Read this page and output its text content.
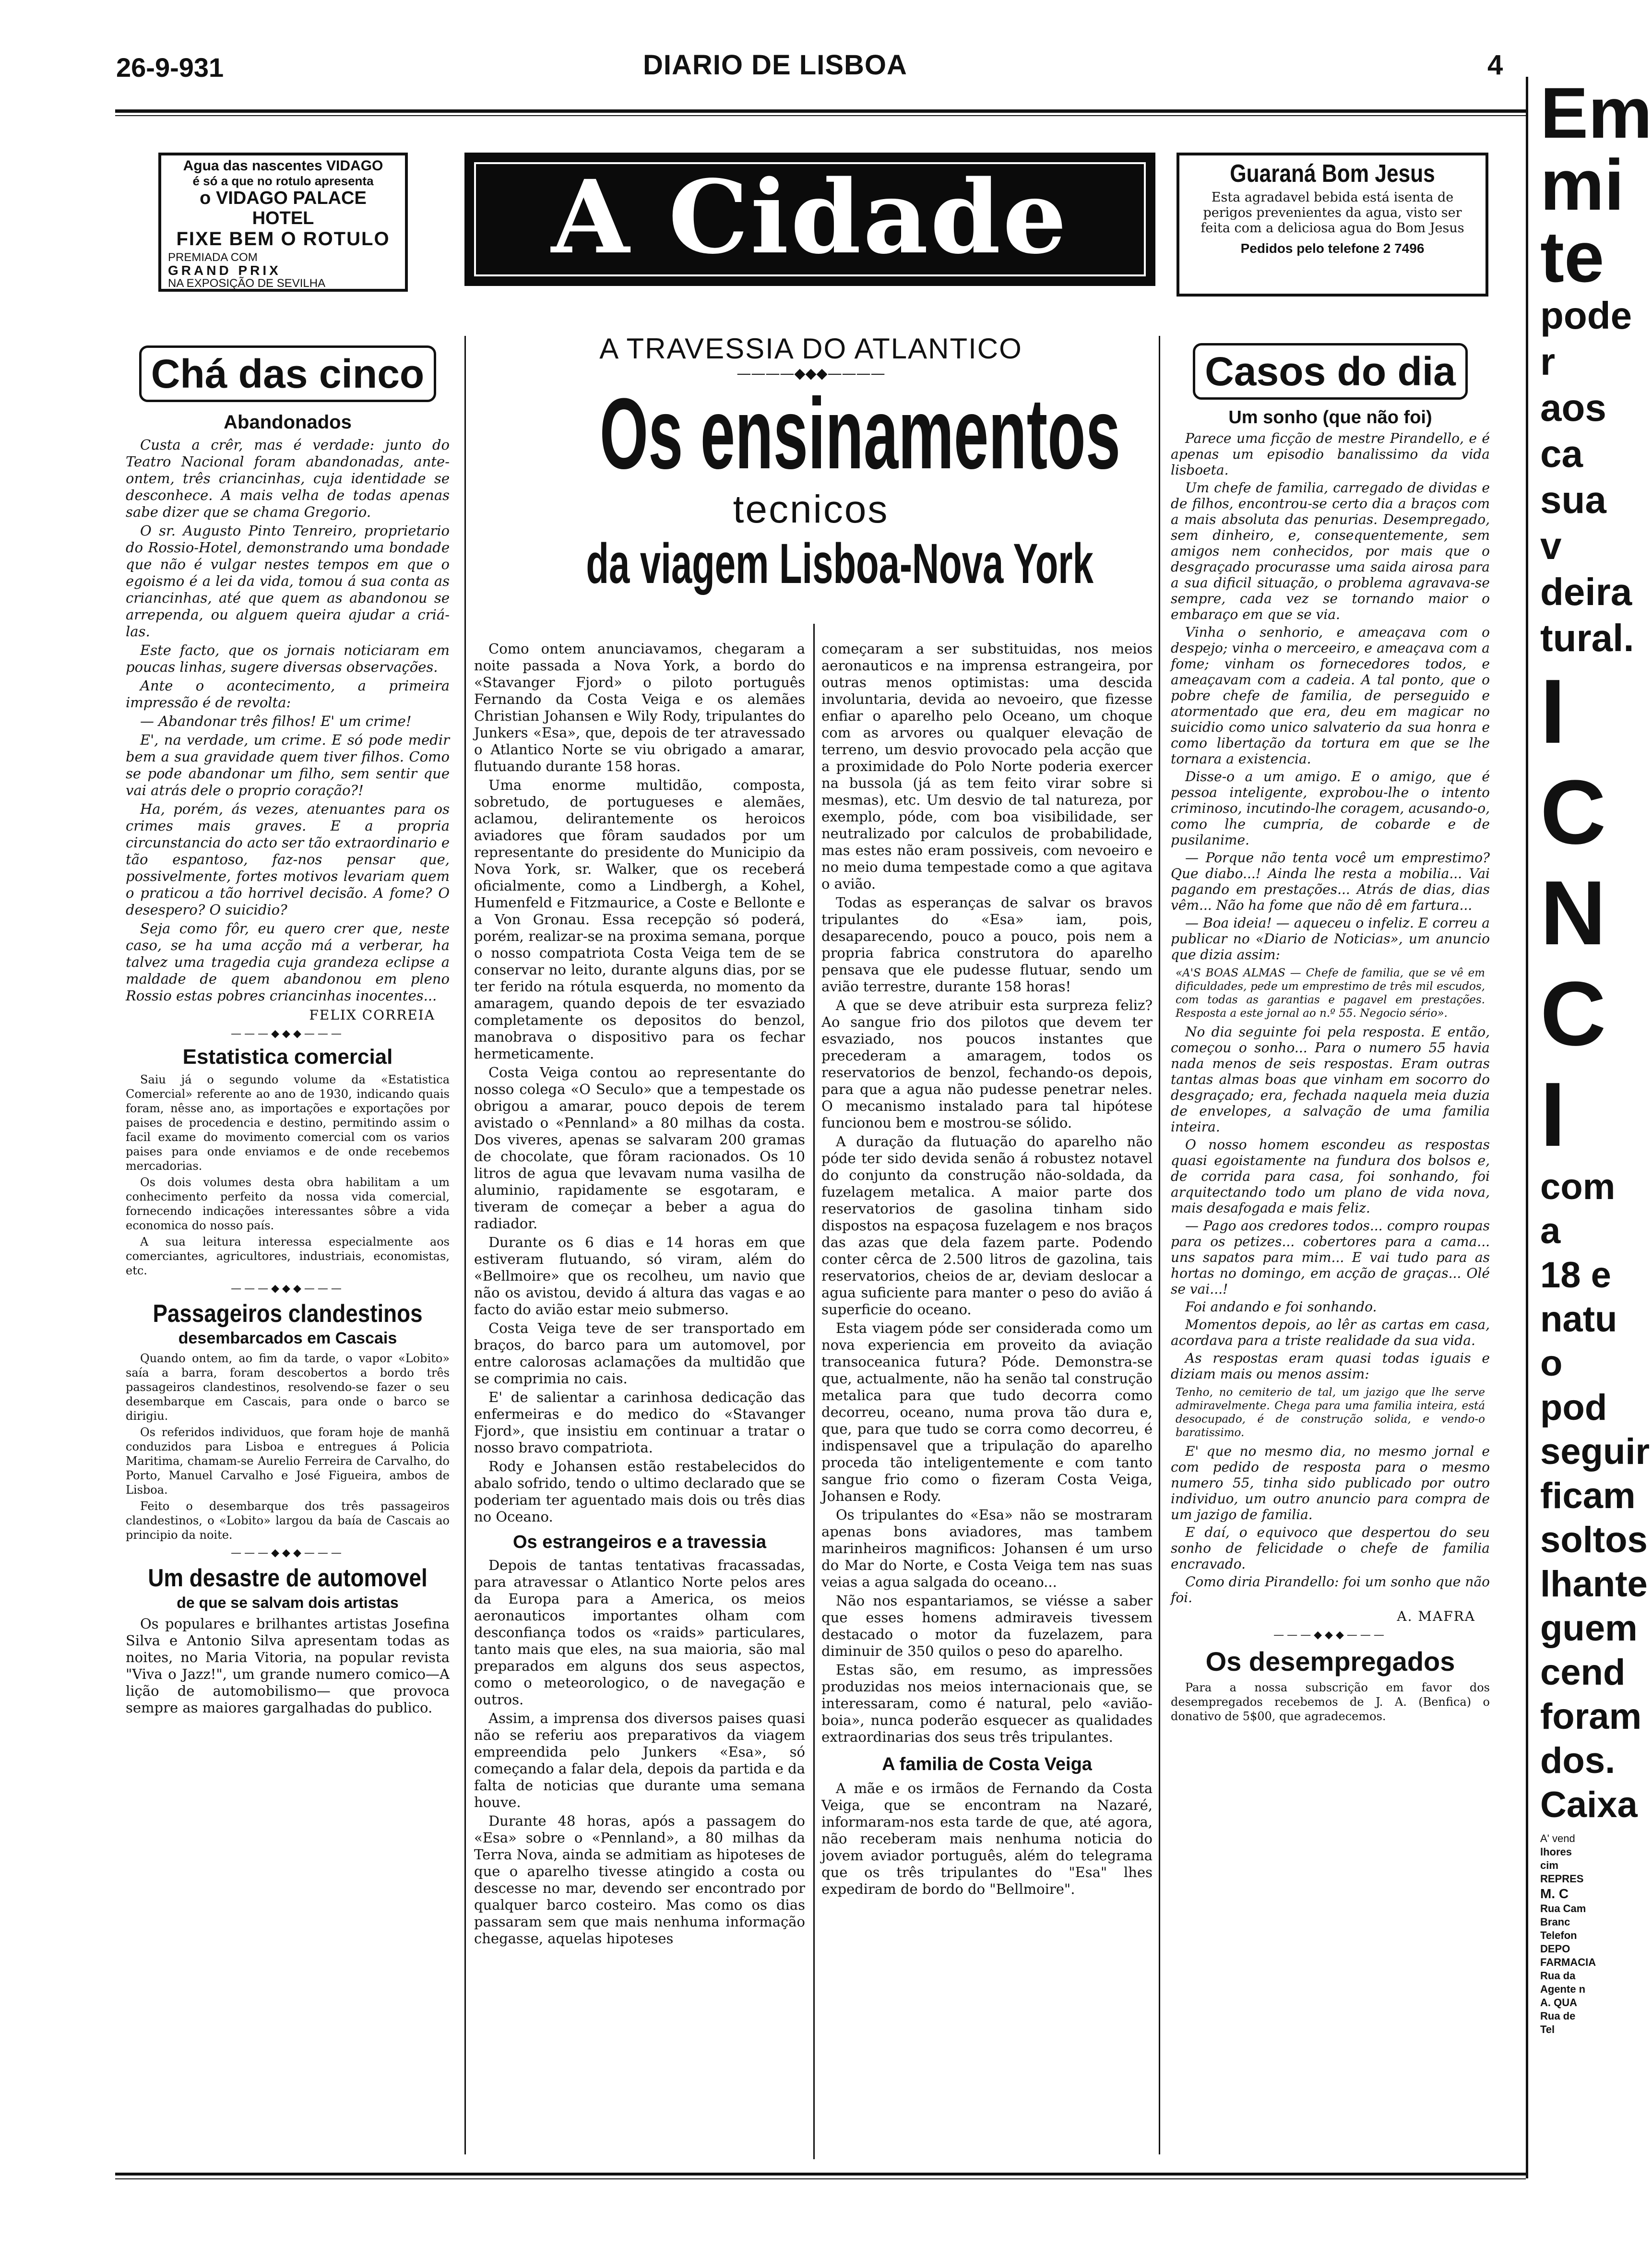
26-9-931	DIARIO DE LISBOA	4
Agua das nascentes VIDAGO
é só a que no rotulo apresenta
o VIDAGO PALACE HOTEL
FIXE BEM O ROTULO
PREMIADA COM
GRAND PRIX
NA EXPOSIÇÃO DE SEVILHA
A Cidade	Guaraná Bom Jesus
Esta agradavel bebida está isenta de perigos prevenientes da agua, visto ser feita com a deliciosa agua do Bom Jesus
Pedidos pelo telefone 2 7496
Chá das cinco
Abandonados

Custa a crêr, mas é verdade: junto do Teatro Nacional foram abandonadas, ante-ontem, três criancinhas, cuja identidade se desconhece. A mais velha de todas apenas sabe dizer que se chama Gregorio.

O sr. Augusto Pinto Tenreiro, proprietario do Rossio-Hotel, demonstrando uma bondade que não é vulgar nestes tempos em que o egoismo é a lei da vida, tomou á sua conta as criancinhas, até que quem as abandonou se arrependa, ou alguem queira ajudar a criá-las.

Este facto, que os jornais noticiaram em poucas linhas, sugere diversas observações.

Ante o acontecimento, a primeira impressão é de revolta:

— Abandonar três filhos! E' um crime!

E', na verdade, um crime. E só pode medir bem a sua gravidade quem tiver filhos. Como se pode abandonar um filho, sem sentir que vai atrás dele o proprio coração?!

Ha, porém, ás vezes, atenuantes para os crimes mais graves. E a propria circunstancia do acto ser tão extraordinario e tão espantoso, faz-nos pensar que, possivelmente, fortes motivos levariam quem o praticou a tão horrivel decisão. A fome? O desespero? O suicidio?

Seja como fôr, eu quero crer que, neste caso, se ha uma acção má a verberar, ha talvez uma tragedia cuja grandeza eclipse a maldade de quem abandonou em pleno Rossio estas pobres criancinhas inocentes...

FELIX CORREIA
———◆◆◆———
Estatistica comercial

Saiu já o segundo volume da «Estatistica Comercial» referente ao ano de 1930, indicando quais foram, nêsse ano, as importações e exportações por paises de procedencia e destino, permitindo assim o facil exame do movimento comercial com os varios paises para onde enviamos e de onde recebemos mercadorias.

Os dois volumes desta obra habilitam a um conhecimento perfeito da nossa vida comercial, fornecendo indicações interessantes sôbre a vida economica do nosso país.

A sua leitura interessa especialmente aos comerciantes, agricultores, industriais, economistas, etc.

———◆◆◆———
Passageiros clandestinos
desembarcados em Cascais

Quando ontem, ao fim da tarde, o vapor «Lobito» saía a barra, foram descobertos a bordo três passageiros clandestinos, resolvendo-se fazer o seu desembarque em Cascais, para onde o barco se dirigiu.

Os referidos individuos, que foram hoje de manhã conduzidos para Lisboa e entregues á Policia Maritima, chamam-se Aurelio Ferreira de Carvalho, do Porto, Manuel Carvalho e José Figueira, ambos de Lisboa.

Feito o desembarque dos três passageiros clandestinos, o «Lobito» largou da baía de Cascais ao principio da noite.

———◆◆◆———
Um desastre de automovel
de que se salvam dois artistas

Os populares e brilhantes artistas Josefina Silva e Antonio Silva apresentam todas as noites, no Maria Vitoria, na popular revista "Viva o Jazz!", um grande numero comico—A lição de automobilismo— que provoca sempre as maiores gargalhadas do publico.

A TRAVESSIA DO ATLANTICO
————◆◆◆————
Os ensinamentos
tecnicos
da viagem Lisboa-Nova York

Como ontem anunciavamos, chegaram a noite passada a Nova York, a bordo do «Stavanger Fjord» o piloto português Fernando da Costa Veiga e os alemães Christian Johansen e Wily Rody, tripulantes do Junkers «Esa», que, depois de ter atravessado o Atlantico Norte se viu obrigado a amarar, flutuando durante 158 horas.

Uma enorme multidão, composta, sobretudo, de portugueses e alemães, aclamou, delirantemente os heroicos aviadores que fôram saudados por um representante do presidente do Municipio da Nova York, sr. Walker, que os receberá oficialmente, como a Lindbergh, a Kohel, Humenfeld e Fitzmaurice, a Coste e Bellonte e a Von Gronau. Essa recepção só poderá, porém, realizar-se na proxima semana, porque o nosso compatriota Costa Veiga tem de se conservar no leito, durante alguns dias, por se ter ferido na rótula esquerda, no momento da amaragem, quando depois de ter esvaziado completamente os depositos do benzol, manobrava o dispositivo para os fechar hermeticamente.

Costa Veiga contou ao representante do nosso colega «O Seculo» que a tempestade os obrigou a amarar, pouco depois de terem avistado o «Pennland» a 80 milhas da costa. Dos viveres, apenas se salvaram 200 gramas de chocolate, que fôram racionados. Os 10 litros de agua que levavam numa vasilha de aluminio, rapidamente se esgotaram, e tiveram de começar a beber a agua do radiador.

Durante os 6 dias e 14 horas em que estiveram flutuando, só viram, além do «Bellmoire» que os recolheu, um navio que não os avistou, devido á altura das vagas e ao facto do avião estar meio submerso.

Costa Veiga teve de ser transportado em braços, do barco para um automovel, por entre calorosas aclamações da multidão que se comprimia no cais.

E' de salientar a carinhosa dedicação das enfermeiras e do medico do «Stavanger Fjord», que insistiu em continuar a tratar o nosso bravo compatriota.

Rody e Johansen estão restabelecidos do abalo sofrido, tendo o ultimo declarado que se poderiam ter aguentado mais dois ou três dias no Oceano.

Os estrangeiros e a travessia

Depois de tantas tentativas fracassadas, para atravessar o Atlantico Norte pelos ares da Europa para a America, os meios aeronauticos importantes olham com desconfiança todos os «raids» particulares, tanto mais que eles, na sua maioria, são mal preparados em alguns dos seus aspectos, como o meteorologico, o de navegação e outros.

Assim, a imprensa dos diversos paises quasi não se referiu aos preparativos da viagem empreendida pelo Junkers «Esa», só começando a falar dela, depois da partida e da falta de noticias que durante uma semana houve.

Durante 48 horas, após a passagem do «Esa» sobre o «Pennland», a 80 milhas da Terra Nova, ainda se admitiam as hipoteses de que o aparelho tivesse atingido a costa ou descesse no mar, devendo ser encontrado por qualquer barco costeiro. Mas como os dias passaram sem que mais nenhuma informação chegasse, aquelas hipoteses

começaram a ser substituidas, nos meios aeronauticos e na imprensa estrangeira, por outras menos optimistas: uma descida involuntaria, devida ao nevoeiro, que fizesse enfiar o aparelho pelo Oceano, um choque com as arvores ou qualquer elevação de terreno, um desvio provocado pela acção que a proximidade do Polo Norte poderia exercer na bussola (já as tem feito virar sobre si mesmas), etc. Um desvio de tal natureza, por exemplo, póde, com boa visibilidade, ser neutralizado por calculos de probabilidade, mas estes não eram possiveis, com nevoeiro e no meio duma tempestade como a que agitava o avião.

Todas as esperanças de salvar os bravos tripulantes do «Esa» iam, pois, desaparecendo, pouco a pouco, pois nem a propria fabrica construtora do aparelho pensava que ele pudesse flutuar, sendo um avião terrestre, durante 158 horas!

A que se deve atribuir esta surpreza feliz? Ao sangue frio dos pilotos que devem ter esvaziado, nos poucos instantes que precederam a amaragem, todos os reservatorios de benzol, fechando-os depois, para que a agua não pudesse penetrar neles. O mecanismo instalado para tal hipótese funcionou bem e mostrou-se sólido.

A duração da flutuação do aparelho não póde ter sido devida senão á robustez notavel do conjunto da construção não-soldada, da fuzelagem metalica. A maior parte dos reservatorios de gasolina tinham sido dispostos na espaçosa fuzelagem e nos braços das azas que dela fazem parte. Podendo conter cêrca de 2.500 litros de gazolina, tais reservatorios, cheios de ar, deviam deslocar a agua suficiente para manter o peso do avião á superficie do oceano.

Esta viagem póde ser considerada como um nova experiencia em proveito da aviação transoceanica futura? Póde. Demonstra-se que, actualmente, não ha senão tal construção metalica para que tudo decorra como decorreu, oceano, numa prova tão dura e, que, para que tudo se corra como decorreu, é indispensavel que a tripulação do aparelho proceda tão inteligentemente e com tanto sangue frio como o fizeram Costa Veiga, Johansen e Rody.

Os tripulantes do «Esa» não se mostraram apenas bons aviadores, mas tambem marinheiros magnificos: Johansen é um urso do Mar do Norte, e Costa Veiga tem nas suas veias a agua salgada do oceano...

Não nos espantariamos, se viésse a saber que esses homens admiraveis tivessem destacado o motor da fuzelazem, para diminuir de 350 quilos o peso do aparelho.

Estas são, em resumo, as impressões produzidas nos meios internacionais que, se interessaram, como é natural, pelo «avião-boia», nunca poderão esquecer as qualidades extraordinarias dos seus três tripulantes.

A familia de Costa Veiga

A mãe e os irmãos de Fernando da Costa Veiga, que se encontram na Nazaré, informaram-nos esta tarde de que, até agora, não receberam mais nenhuma noticia do jovem aviador português, além do telegrama que os três tripulantes do "Esa" lhes expediram de bordo do "Bellmoire".

Casos do dia
Um sonho (que não foi)

Parece uma ficção de mestre Pirandello, e é apenas um episodio banalissimo da vida lisboeta.

Um chefe de familia, carregado de dividas e de filhos, encontrou-se certo dia a braços com a mais absoluta das penurias. Desempregado, sem dinheiro, e, consequentemente, sem amigos nem conhecidos, por mais que o desgraçado procurasse uma saida airosa para a sua dificil situação, o problema agravava-se sempre, cada vez se tornando maior o embaraço em que se via.

Vinha o senhorio, e ameaçava com o despejo; vinha o merceeiro, e ameaçava com a fome; vinham os fornecedores todos, e ameaçavam com a cadeia. A tal ponto, que o pobre chefe de familia, de perseguido e atormentado que era, deu em magicar no suicidio como unico salvaterio da sua honra e como libertação da tortura em que se lhe tornara a existencia.

Disse-o a um amigo. E o amigo, que é pessoa inteligente, exprobou-lhe o intento criminoso, incutindo-lhe coragem, acusando-o, como lhe cumpria, de cobarde e de pusilanime.

— Porque não tenta você um emprestimo? Que diabo...! Ainda lhe resta a mobilia... Vai pagando em prestações... Atrás de dias, dias vêm... Não ha fome que não dê em fartura...

— Boa ideia! — aqueceu o infeliz. E correu a publicar no «Diario de Noticias», um anuncio que dizia assim:

«A'S BOAS ALMAS — Chefe de familia, que se vê em dificuldades, pede um emprestimo de três mil escudos, com todas as garantias e pagavel em prestações. Resposta a este jornal ao n.º 55. Negocio sério».

No dia seguinte foi pela resposta. E então, começou o sonho... Para o numero 55 havia nada menos de seis respostas. Eram outras tantas almas boas que vinham em socorro do desgraçado; era, fechada naquela meia duzia de envelopes, a salvação de uma familia inteira.

O nosso homem escondeu as respostas quasi egoistamente na fundura dos bolsos e, de corrida para casa, foi sonhando, foi arquitectando todo um plano de vida nova, mais desafogada e mais feliz.

— Pago aos credores todos... compro roupas para os petizes... cobertores para a cama... uns sapatos para mim... E vai tudo para as hortas no domingo, em acção de graças... Olé se vai...!

Foi andando e foi sonhando.

Momentos depois, ao lêr as cartas em casa, acordava para a triste realidade da sua vida.

As respostas eram quasi todas iguais e diziam mais ou menos assim:

Tenho, no cemiterio de tal, um jazigo que lhe serve admiravelmente. Chega para uma familia inteira, está desocupado, é de construção solida, e vendo-o baratissimo.

E' que no mesmo dia, no mesmo jornal e com pedido de resposta para o mesmo numero 55, tinha sido publicado por outro individuo, um outro anuncio para compra de um jazigo de familia.

E daí, o equivoco que despertou do seu sonho de felicidade o chefe de familia encravado.

Como diria Pirandello: foi um sonho que não foi.

A. MAFRA
———◆◆◆———
Os desempregados

Para a nossa subscrição em favor dos desempregados recebemos de J. A. (Benfica) o donativo de 5$00, que agradecemos.

Em
mi
te
pode r
aos ca
sua v
deira
tural.
I
C
N
C
I
com a
18 e
natu
o pod
seguir
ficam
soltos
lhante
guem
cend
foram
dos.
Caixa
A' vend
lhores
cim
REPRES
M. C
Rua Cam
Branc
Telefon
DEPO
FARMACIA
Rua da
Agente n
A. QUA
Rua de
Tel
